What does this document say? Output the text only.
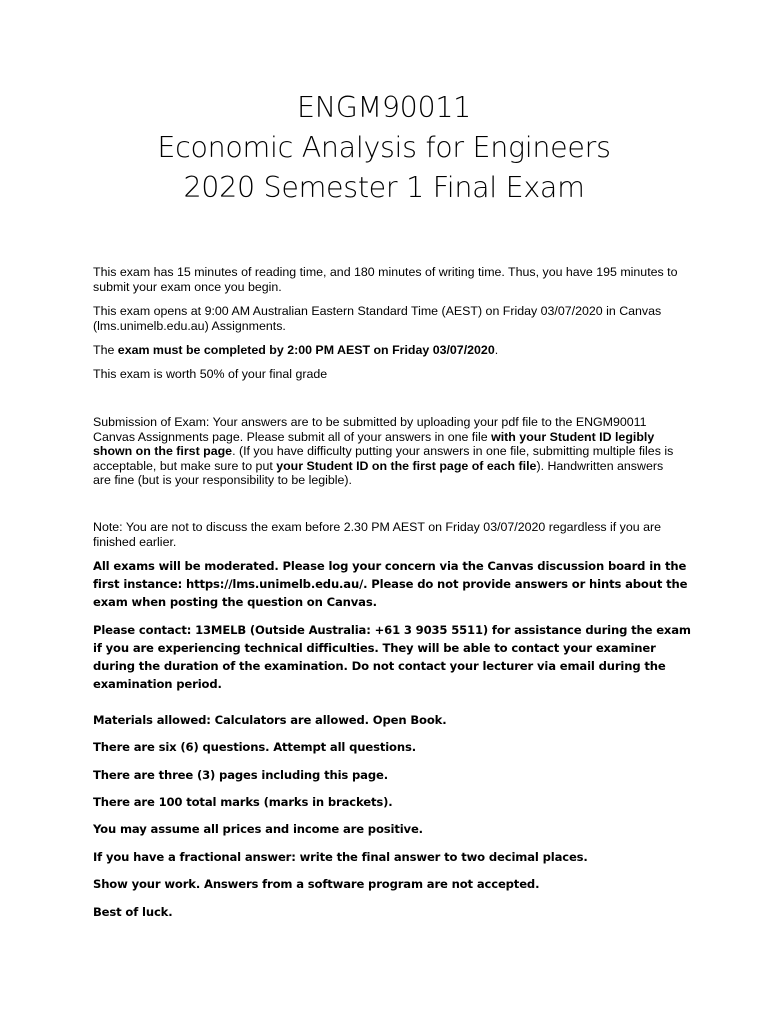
ENGM90011
Economic Analysis for Engineers
2020 Semester 1 Final Exam

This exam has 15 minutes of reading time, and 180 minutes of writing time. Thus, you have 195 minutes to submit your exam once you begin.

This exam opens at 9:00 AM Australian Eastern Standard Time (AEST) on Friday 03/07/2020 in Canvas (lms.unimelb.edu.au) Assignments.

The exam must be completed by 2:00 PM AEST on Friday 03/07/2020.

This exam is worth 50% of your final grade

Submission of Exam: Your answers are to be submitted by uploading your pdf file to the ENGM90011 Canvas Assignments page. Please submit all of your answers in one file with your Student ID legibly shown on the first page. (If you have difficulty putting your answers in one file, submitting multiple files is acceptable, but make sure to put your Student ID on the first page of each file). Handwritten answers are fine (but is your responsibility to be legible).

Note: You are not to discuss the exam before 2.30 PM AEST on Friday 03/07/2020 regardless if you are finished earlier.

All exams will be moderated. Please log your concern via the Canvas discussion board in the first instance: https://lms.unimelb.edu.au/. Please do not provide answers or hints about the exam when posting the question on Canvas.

Please contact: 13MELB (Outside Australia: +61 3 9035 5511) for assistance during the exam if you are experiencing technical difficulties. They will be able to contact your examiner during the duration of the examination. Do not contact your lecturer via email during the examination period.

Materials allowed: Calculators are allowed. Open Book.

There are six (6) questions. Attempt all questions.

There are three (3) pages including this page.

There are 100 total marks (marks in brackets).

You may assume all prices and income are positive.

If you have a fractional answer: write the final answer to two decimal places.

Show your work. Answers from a software program are not accepted.

Best of luck.
